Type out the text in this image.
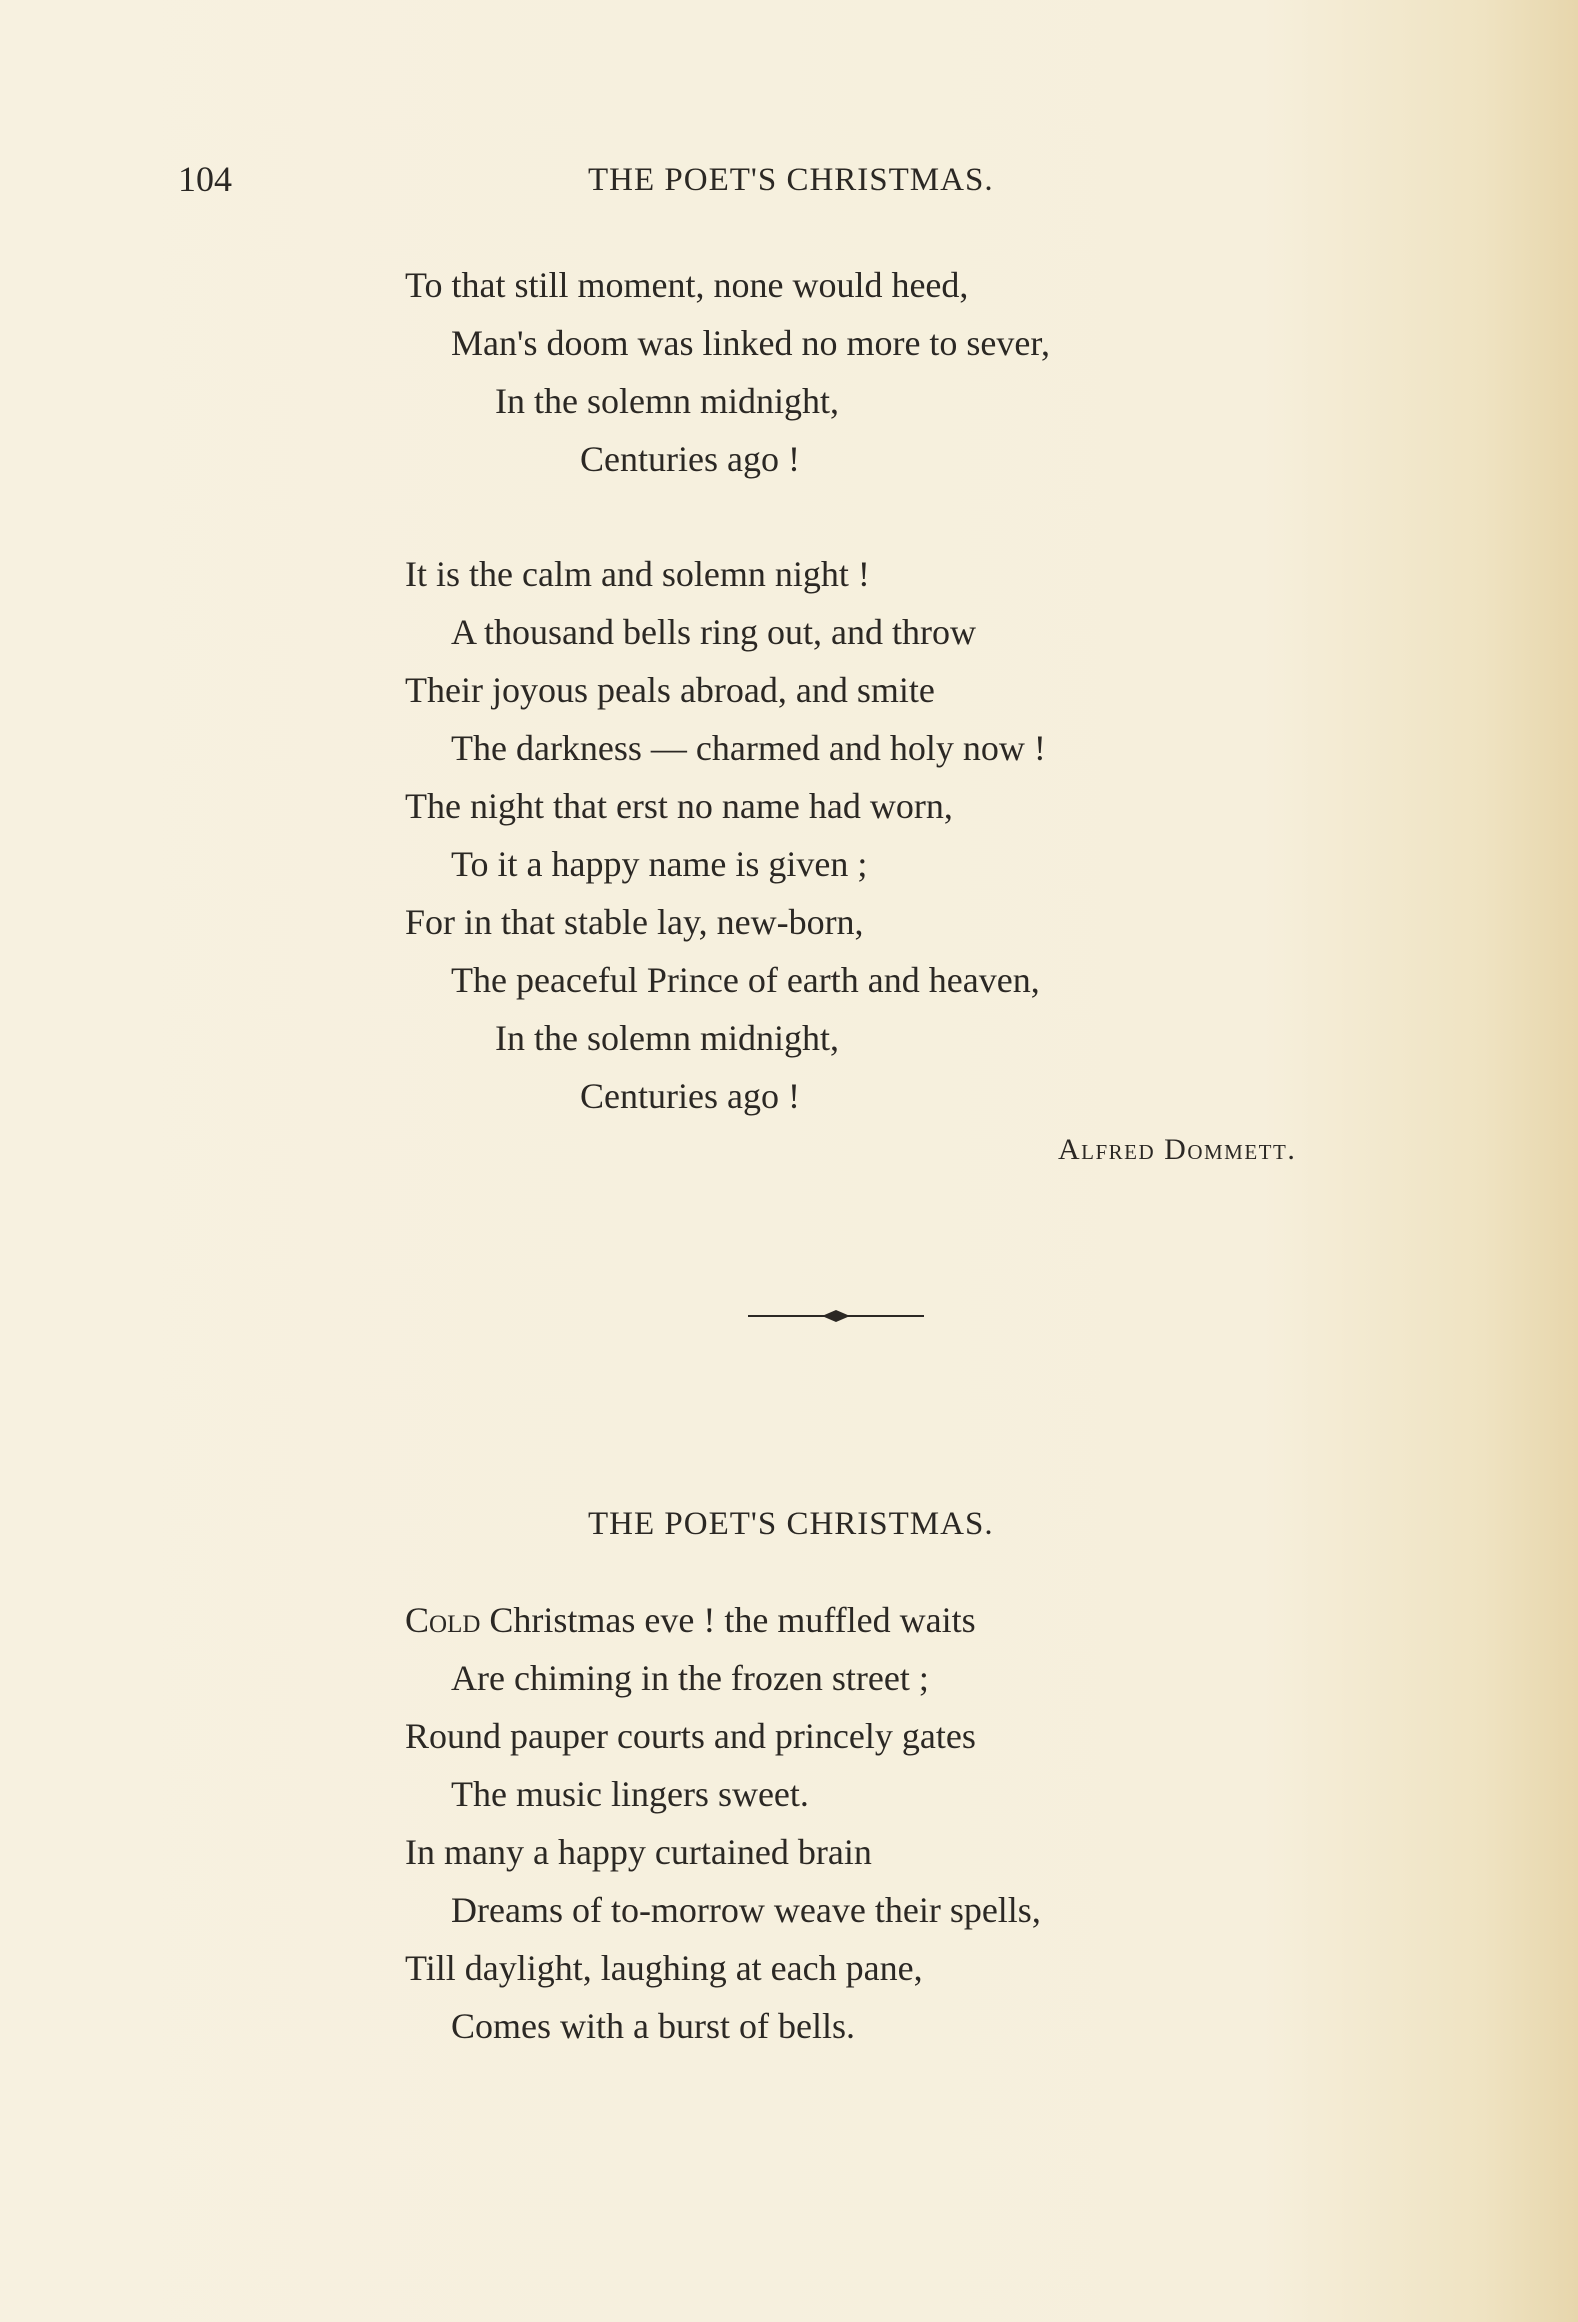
104	THE POET'S CHRISTMAS.
To that still moment, none would heed,
Man's doom was linked no more to sever,
In the solemn midnight,
Centuries ago !
It is the calm and solemn night !
A thousand bells ring out, and throw
Their joyous peals abroad, and smite
The darkness — charmed and holy now !
The night that erst no name had worn,
To it a happy name is given ;
For in that stable lay, new-born,
The peaceful Prince of earth and heaven,
In the solemn midnight,
Centuries ago !
Alfred Dommett.
THE POET'S CHRISTMAS.
Cold Christmas eve ! the muffled waits
Are chiming in the frozen street ;
Round pauper courts and princely gates
The music lingers sweet.
In many a happy curtained brain
Dreams of to-morrow weave their spells,
Till daylight, laughing at each pane,
Comes with a burst of bells.
